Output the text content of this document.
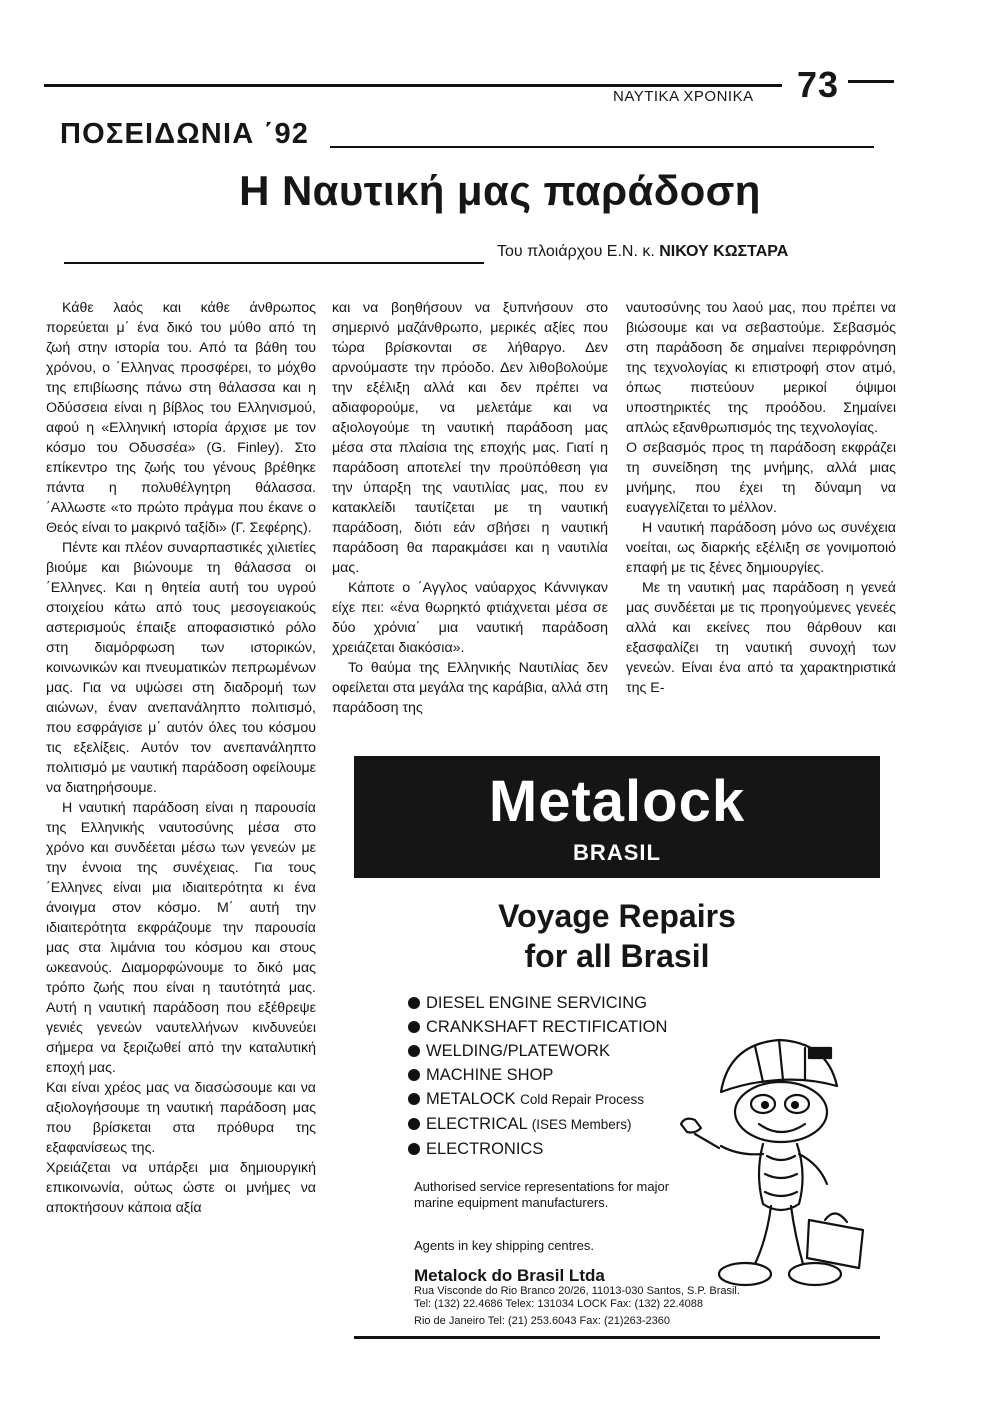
ΝΑΥΤΙΚΑ ΧΡΟΝΙΚΑ 73
ΠΟΣΕΙΔΩΝΙΑ ΄92
Η Ναυτική μας παράδοση
Του πλοιάρχου Ε.Ν. κ. ΝΙΚΟΥ ΚΩΣΤΑΡΑ

Κάθε λαός και κάθε άνθρωπος πορεύεται μ΄ ένα δικό του μύθο από τη ζωή στην ιστορία του. Από τα βάθη του χρόνου, ο ΄Ελληνας προσφέρει, το μόχθο της επιβίωσης πάνω στη θάλασσα και η Οδύσσεια είναι η βίβλος του Ελληνισμού, αφού η «Ελληνική ιστορία άρχισε με τον κόσμο του Οδυσσέα» (G. Finley). Στο επίκεντρο της ζωής του γένους βρέθηκε πάντα η πολυθέλγητρη θάλασσα. ΄Αλλωστε «το πρώτο πράγμα που έκανε ο Θεός είναι το μακρινό ταξίδι» (Γ. Σεφέρης).

Πέντε και πλέον συναρπαστικές χιλιετίες βιούμε και βιώνουμε τη θάλασσα οι ΄Ελληνες. Και η θητεία αυτή του υγρού στοιχείου κάτω από τους μεσογειακούς αστερισμούς έπαιξε αποφασιστικό ρόλο στη διαμόρφωση των ιστορικών, κοινωνικών και πνευματικών πεπρωμένων μας. Για να υψώσει στη διαδρομή των αιώνων, έναν ανεπανάληπτο πολιτισμό, που εσφράγισε μ΄ αυτόν όλες του κόσμου τις εξελίξεις. Αυτόν τον ανεπανάληπτο πολιτισμό με ναυτική παράδοση οφείλουμε να διατηρήσουμε.

Η ναυτική παράδοση είναι η παρουσία της Ελληνικής ναυτοσύνης μέσα στο χρόνο και συνδέεται μέσω των γενεών με την έννοια της συνέχειας. Για τους ΄Ελληνες είναι μια ιδιαιτερότητα κι ένα άνοιγμα στον κόσμο. Μ΄ αυτή την ιδιαιτερότητα εκφράζουμε την παρουσία μας στα λιμάνια του κόσμου και στους ωκεανούς. Διαμορφώνουμε το δικό μας τρόπο ζωής που είναι η ταυτότητά μας. Αυτή η ναυτική παράδοση που εξέθρεψε γενιές γενεών ναυτελλήνων κινδυνεύει σήμερα να ξεριζωθεί από την καταλυτική εποχή μας.

Και είναι χρέος μας να διασώσουμε και να αξιολογήσουμε τη ναυτική παράδοση μας που βρίσκεται στα πρόθυρα της εξαφανίσεως της.

Χρειάζεται να υπάρξει μια δημιουργική επικοινωνία, ούτως ώστε οι μνήμες να αποκτήσουν κάποια αξία

και να βοηθήσουν να ξυπνήσουν στο σημερινό μαζάνθρωπο, μερικές αξίες που τώρα βρίσκονται σε λήθαργο. Δεν αρνούμαστε την πρόοδο. Δεν λιθοβολούμε την εξέλιξη αλλά και δεν πρέπει να αδιαφορούμε, να μελετάμε και να αξιολογούμε τη ναυτική παράδοση μας μέσα στα πλαίσια της εποχής μας. Γιατί η παράδοση αποτελεί την προϋπόθεση για την ύπαρξη της ναυτιλίας μας, που εν κατακλείδι ταυτίζεται με τη ναυτική παράδοση, διότι εάν σβήσει η ναυτική παράδοση θα παρακμάσει και η ναυτιλία μας.

Κάποτε ο ΄Αγγλος ναύαρχος Κάννιγκαν είχε πει: «ένα θωρηκτό φτιάχνεται μέσα σε δύο χρόνια΄ μια ναυτική παράδοση χρειάζεται διακόσια».

Το θαύμα της Ελληνικής Ναυτιλίας δεν οφείλεται στα μεγάλα της καράβια, αλλά στη παράδοση της

ναυτοσύνης του λαού μας, που πρέπει να βιώσουμε και να σεβαστούμε. Σεβασμός στη παράδοση δε σημαίνει περιφρόνηση της τεχνολογίας κι επιστροφή στον ατμό, όπως πιστεύουν μερικοί όψιμοι υποστηρικτές της προόδου. Σημαίνει απλώς εξανθρωπισμός της τεχνολογίας.

Ο σεβασμός προς τη παράδοση εκφράζει τη συνείδηση της μνήμης, αλλά μιας μνήμης, που έχει τη δύναμη να ευαγγελίζεται το μέλλον.

Η ναυτική παράδοση μόνο ως συνέχεια νοείται, ως διαρκής εξέλιξη σε γονιμοποιό επαφή με τις ξένες δημιουργίες.

Με τη ναυτική μας παράδοση η γενεά μας συνδέεται με τις προηγούμενες γενεές αλλά και εκείνες που θάρθουν και εξασφαλίζει τη ναυτική συνοχή των γενεών. Είναι ένα από τα χαρακτηριστικά της Ε-

Metalock
BRASIL
Voyage Repairs
for all Brasil
DIESEL ENGINE SERVICING
CRANKSHAFT RECTIFICATION
WELDING/PLATEWORK
MACHINE SHOP
METALOCK Cold Repair Process
ELECTRICAL (ISES Members)
ELECTRONICS
Authorised service representations for major marine equipment manufacturers.
Agents in key shipping centres.
Metalock do Brasil Ltda
Rua Visconde do Rio Branco 20/26, 11013-030 Santos, S.P. Brasil.
Tel: (132) 22.4686 Telex: 131034 LOCK Fax: (132) 22.4088
Rio de Janeiro Tel: (21) 253.6043 Fax: (21)263-2360
